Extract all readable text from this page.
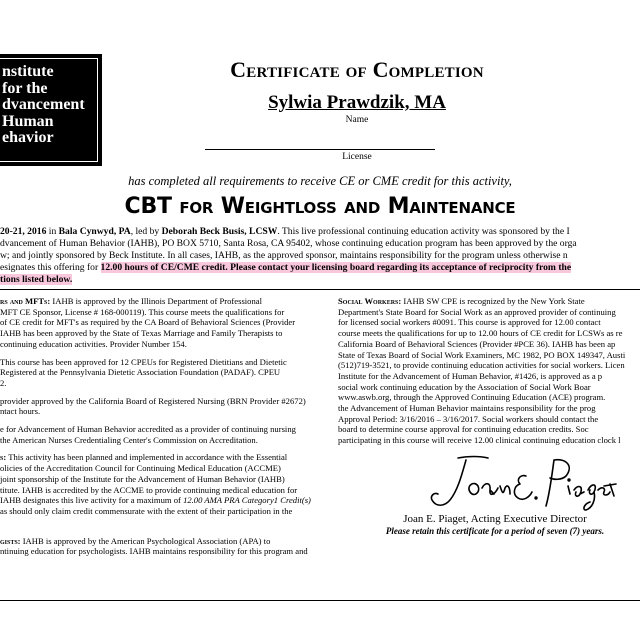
nstitute
for the
dvancement
Human
ehavior
Certificate of Completion
Sylwia Prawdzik, MA
Name
License
has completed all requirements to receive CE or CME credit for this activity,
CBT for Weightloss and Maintenance

20-21, 2016 in Bala Cynwyd, PA, led by Deborah Beck Busis, LCSW. This live professional continuing education activity was sponsored by the I

dvancement of Human Behavior (IAHB), PO BOX 5710, Santa Rosa, CA 95402, whose continuing education program has been approved by the orga

w; and jointly sponsored by Beck Institute. In all cases, IAHB, as the approved sponsor, maintains responsibility for the program unless otherwise n

esignates this offering for 12.00 hours of CE/CME credit. Please contact your licensing board regarding its acceptance of reciprocity from the

tions listed below.

rs and MFTs: IAHB is approved by the Illinois Department of Professional
MFT CE Sponsor, License # 168-000119). This course meets the qualifications for
of CE credit for MFT's as required by the CA Board of Behavioral Sciences (Provider
IAHB has been approved by the State of Texas Marriage and Family Therapists to
continuing education activities. Provider Number 154.

This course has been approved for 12 CPEUs for Registered Dietitians and Dietetic
Registered at the Pennsylvania Dietetic Association Foundation (PADAF). CPEU
2.

provider approved by the California Board of Registered Nursing (BRN Provider #2672)
ntact hours.

e for Advancement of Human Behavior accredited as a provider of continuing nursing
the American Nurses Credentialing Center's Commission on Accreditation.

s: This activity has been planned and implemented in accordance with the Essential
olicies of the Accreditation Council for Continuing Medical Education (ACCME)
joint sponsorship of the Institute for the Advancement of Human Behavior (IAHB)
titute. IAHB is accredited by the ACCME to provide continuing medical education for
IAHB designates this live activity for a maximum of 12.00 AMA PRA Category1 Credit(s)
as should only claim credit commensurate with the extent of their participation in the

gists: IAHB is approved by the American Psychological Association (APA) to
ntinuing education for psychologists. IAHB maintains responsibility for this program and

Social Workers: IAHB SW CPE is recognized by the New York State
Department's State Board for Social Work as an approved provider of continuing
for licensed social workers #0091. This course is approved for 12.00 contact
course meets the qualifications for up to 12.00 hours of CE credit for LCSWs as re
California Board of Behavioral Sciences (Provider #PCE 36). IAHB has been ap
State of Texas Board of Social Work Examiners, MC 1982, PO BOX 149347, Austi
(512)719-3521, to provide continuing education activities for social workers. Licen
Institute for the Advancement of Human Behavior, #1426, is approved as a p
social work continuing education by the Association of Social Work Boar
www.aswb.org, through the Approved Continuing Education (ACE) program.
the Advancement of Human Behavior maintains responsibility for the prog
Approval Period: 3/16/2016 – 3/16/2017. Social workers should contact the
board to determine course approval for continuing education credits. Soc
participating in this course will receive 12.00 clinical continuing education clock l

Joan E. Piaget, Acting Executive Director
Please retain this certificate for a period of seven (7) years.
